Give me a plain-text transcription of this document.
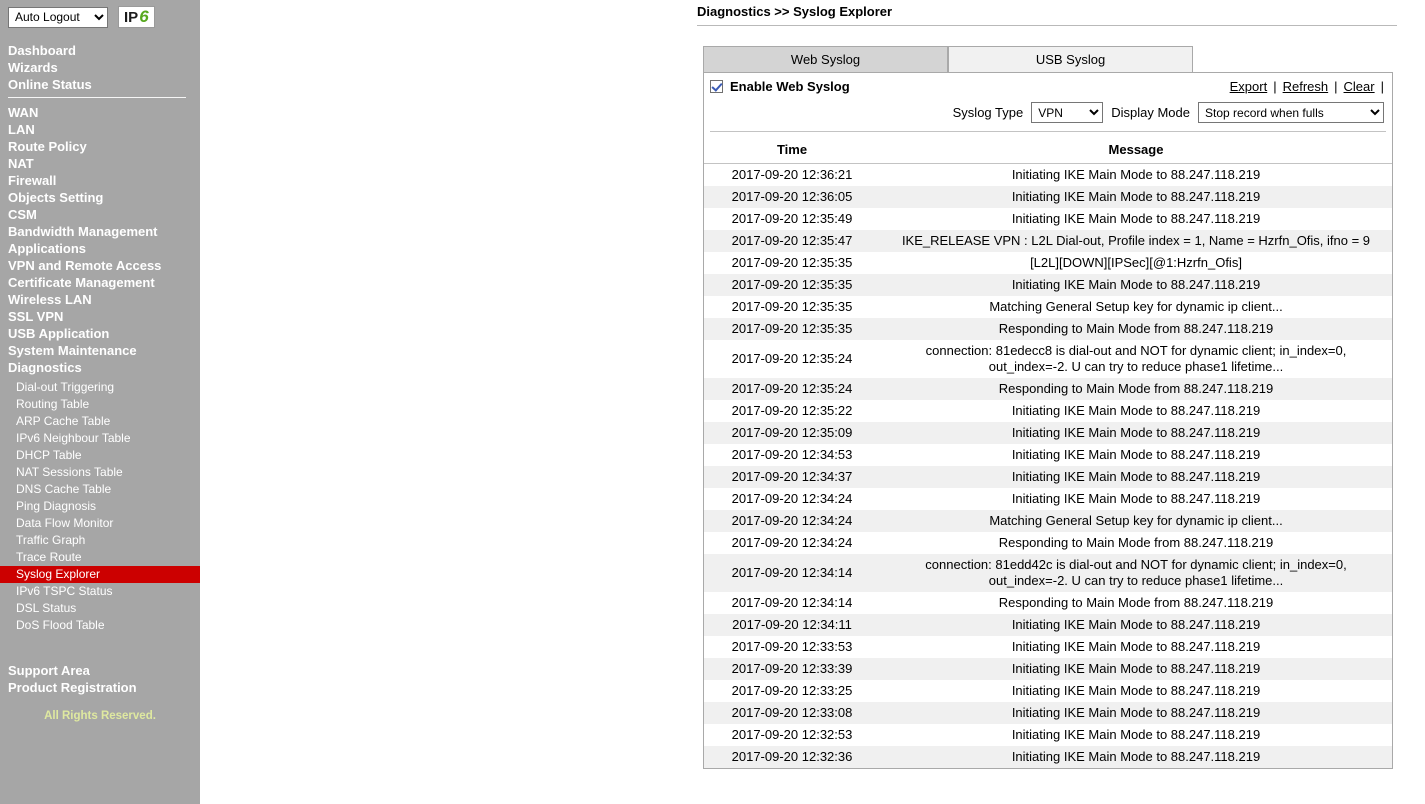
Auto Logout
IP 6
Dashboard
Wizards
Online Status
WAN
LAN
Route Policy
NAT
Firewall
Objects Setting
CSM
Bandwidth Management
Applications
VPN and Remote Access
Certificate Management
Wireless LAN
SSL VPN
USB Application
System Maintenance
Diagnostics
Dial-out Triggering
Routing Table
ARP Cache Table
IPv6 Neighbour Table
DHCP Table
NAT Sessions Table
DNS Cache Table
Ping Diagnosis
Data Flow Monitor
Traffic Graph
Trace Route
Syslog Explorer
IPv6 TSPC Status
DSL Status
DoS Flood Table
Support Area
Product Registration
All Rights Reserved.
Diagnostics >> Syslog Explorer
Web Syslog	USB Syslog
Enable Web Syslog	Export | Refresh | Clear |
Syslog Type
VPN	Display Mode
Stop record when fulls
Time	Message
2017-09-20 12:36:21	Initiating IKE Main Mode to 88.247.118.219
2017-09-20 12:36:05	Initiating IKE Main Mode to 88.247.118.219
2017-09-20 12:35:49	Initiating IKE Main Mode to 88.247.118.219
2017-09-20 12:35:47	IKE_RELEASE VPN : L2L Dial-out, Profile index = 1, Name = Hzrfn_Ofis, ifno = 9
2017-09-20 12:35:35	[L2L][DOWN][IPSec][@1:Hzrfn_Ofis]
2017-09-20 12:35:35	Initiating IKE Main Mode to 88.247.118.219
2017-09-20 12:35:35	Matching General Setup key for dynamic ip client...
2017-09-20 12:35:35	Responding to Main Mode from 88.247.118.219
2017-09-20 12:35:24	connection: 81edecc8 is dial-out and NOT for dynamic client; in_index=0, out_index=-2. U can try to reduce phase1 lifetime...
2017-09-20 12:35:24	Responding to Main Mode from 88.247.118.219
2017-09-20 12:35:22	Initiating IKE Main Mode to 88.247.118.219
2017-09-20 12:35:09	Initiating IKE Main Mode to 88.247.118.219
2017-09-20 12:34:53	Initiating IKE Main Mode to 88.247.118.219
2017-09-20 12:34:37	Initiating IKE Main Mode to 88.247.118.219
2017-09-20 12:34:24	Initiating IKE Main Mode to 88.247.118.219
2017-09-20 12:34:24	Matching General Setup key for dynamic ip client...
2017-09-20 12:34:24	Responding to Main Mode from 88.247.118.219
2017-09-20 12:34:14	connection: 81edd42c is dial-out and NOT for dynamic client; in_index=0, out_index=-2. U can try to reduce phase1 lifetime...
2017-09-20 12:34:14	Responding to Main Mode from 88.247.118.219
2017-09-20 12:34:11	Initiating IKE Main Mode to 88.247.118.219
2017-09-20 12:33:53	Initiating IKE Main Mode to 88.247.118.219
2017-09-20 12:33:39	Initiating IKE Main Mode to 88.247.118.219
2017-09-20 12:33:25	Initiating IKE Main Mode to 88.247.118.219
2017-09-20 12:33:08	Initiating IKE Main Mode to 88.247.118.219
2017-09-20 12:32:53	Initiating IKE Main Mode to 88.247.118.219
2017-09-20 12:32:36	Initiating IKE Main Mode to 88.247.118.219
